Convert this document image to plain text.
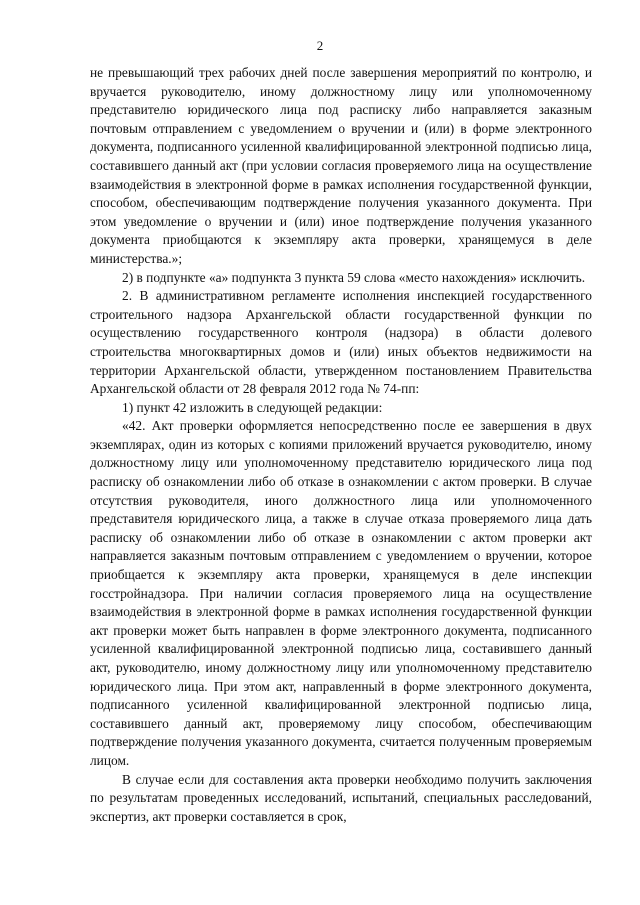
2

не превышающий трех рабочих дней после завершения мероприятий по контролю, и вручается руководителю, иному должностному лицу или уполномоченному представителю юридического лица под расписку либо направляется заказным почтовым отправлением с уведомлением о вручении и (или) в форме электронного документа, подписанного усиленной квалифицированной электронной подписью лица, составившего данный акт (при условии согласия проверяемого лица на осуществление взаимодействия в электронной форме в рамках исполнения государственной функции, способом, обеспечивающим подтверждение получения указанного документа. При этом уведомление о вручении и (или) иное подтверждение получения указанного документа приобщаются к экземпляру акта проверки, хранящемуся в деле министерства.»;

2) в подпункте «а» подпункта 3 пункта 59 слова «место нахождения» исключить.

2. В административном регламенте исполнения инспекцией государственного строительного надзора Архангельской области государственной функции по осуществлению государственного контроля (надзора) в области долевого строительства многоквартирных домов и (или) иных объектов недвижимости на территории Архангельской области, утвержденном постановлением Правительства Архангельской области от 28 февраля 2012 года № 74-пп:

1) пункт 42 изложить в следующей редакции:

«42. Акт проверки оформляется непосредственно после ее завершения в двух экземплярах, один из которых с копиями приложений вручается руководителю, иному должностному лицу или уполномоченному представителю юридического лица под расписку об ознакомлении либо об отказе в ознакомлении с актом проверки. В случае отсутствия руководителя, иного должностного лица или уполномоченного представителя юридического лица, а также в случае отказа проверяемого лица дать расписку об ознакомлении либо об отказе в ознакомлении с актом проверки акт направляется заказным почтовым отправлением с уведомлением о вручении, которое приобщается к экземпляру акта проверки, хранящемуся в деле инспекции госстройнадзора. При наличии согласия проверяемого лица на осуществление взаимодействия в электронной форме в рамках исполнения государственной функции акт проверки может быть направлен в форме электронного документа, подписанного усиленной квалифицированной электронной подписью лица, составившего данный акт, руководителю, иному должностному лицу или уполномоченному представителю юридического лица. При этом акт, направленный в форме электронного документа, подписанного усиленной квалифицированной электронной подписью лица, составившего данный акт, проверяемому лицу способом, обеспечивающим подтверждение получения указанного документа, считается полученным проверяемым лицом.

В случае если для составления акта проверки необходимо получить заключения по результатам проведенных исследований, испытаний, специальных расследований, экспертиз, акт проверки составляется в срок,
